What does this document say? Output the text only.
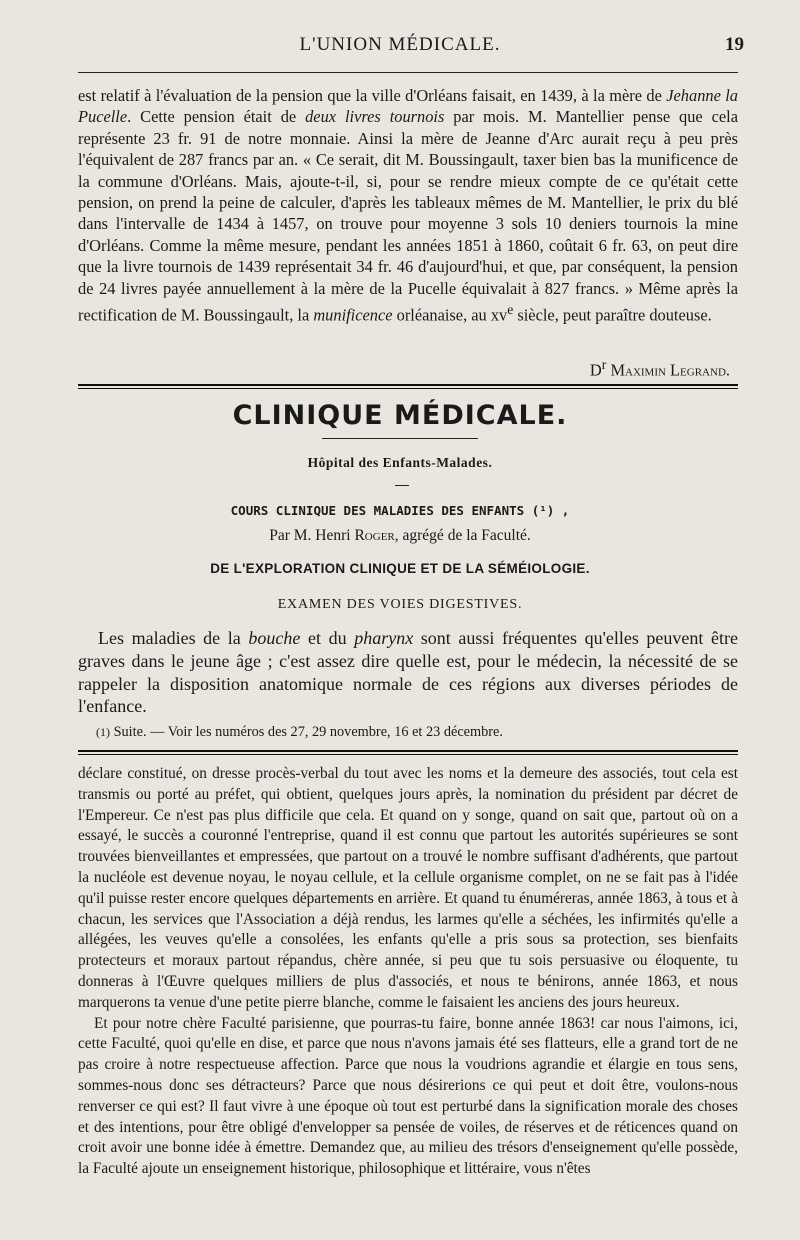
L'UNION MÉDICALE.	19

est relatif à l'évaluation de la pension que la ville d'Orléans faisait, en 1439, à la mère de Jehanne la Pucelle. Cette pension était de deux livres tournois par mois. M. Mantellier pense que cela représente 23 fr. 91 de notre monnaie. Ainsi la mère de Jeanne d'Arc aurait reçu à peu près l'équivalent de 287 francs par an. « Ce serait, dit M. Boussingault, taxer bien bas la munificence de la commune d'Orléans. Mais, ajoute-t-il, si, pour se rendre mieux compte de ce qu'était cette pension, on prend la peine de calculer, d'après les tableaux mêmes de M. Mantellier, le prix du blé dans l'intervalle de 1434 à 1457, on trouve pour moyenne 3 sols 10 deniers tournois la mine d'Orléans. Comme la même mesure, pendant les années 1851 à 1860, coûtait 6 fr. 63, on peut dire que la livre tournois de 1439 représentait 34 fr. 46 d'aujourd'hui, et que, par conséquent, la pension de 24 livres payée annuellement à la mère de la Pucelle équivalait à 827 francs. » Même après la rectification de M. Boussingault, la munificence orléanaise, au $xv^e$ siècle, peut paraître douteuse.

$D^r$ Maximin Legrand.
CLINIQUE MÉDICALE.
Hôpital des Enfants-Malades.
COURS CLINIQUE DES MALADIES DES ENFANTS (¹) ,
Par M. Henri Roger, agrégé de la Faculté.
DE L'EXPLORATION CLINIQUE ET DE LA SÉMÉIOLOGIE.
EXAMEN DES VOIES DIGESTIVES.

Les maladies de la bouche et du pharynx sont aussi fréquentes qu'elles peuvent être graves dans le jeune âge ; c'est assez dire quelle est, pour le médecin, la nécessité de se rappeler la disposition anatomique normale de ces régions aux diverses périodes de l'enfance.

(1) Suite. — Voir les numéros des 27, 29 novembre, 16 et 23 décembre.

déclare constitué, on dresse procès-verbal du tout avec les noms et la demeure des associés, tout cela est transmis ou porté au préfet, qui obtient, quelques jours après, la nomination du président par décret de l'Empereur. Ce n'est pas plus difficile que cela. Et quand on y songe, quand on sait que, partout où on a essayé, le succès a couronné l'entreprise, quand il est connu que partout les autorités supérieures se sont trouvées bienveillantes et empressées, que partout on a trouvé le nombre suffisant d'adhérents, que partout la nucléole est devenue noyau, le noyau cellule, et la cellule organisme complet, on ne se fait pas à l'idée qu'il puisse rester encore quelques départements en arrière. Et quand tu énuméreras, année 1863, à tous et à chacun, les services que l'Association a déjà rendus, les larmes qu'elle a séchées, les infirmités qu'elle a allégées, les veuves qu'elle a consolées, les enfants qu'elle a pris sous sa protection, ses bienfaits protecteurs et moraux partout répandus, chère année, si peu que tu sois persuasive ou éloquente, tu donneras à l'Œuvre quelques milliers de plus d'associés, et nous te bénirons, année 1863, et nous marquerons ta venue d'une petite pierre blanche, comme le faisaient les anciens des jours heureux.

Et pour notre chère Faculté parisienne, que pourras-tu faire, bonne année 1863! car nous l'aimons, ici, cette Faculté, quoi qu'elle en dise, et parce que nous n'avons jamais été ses flatteurs, elle a grand tort de ne pas croire à notre respectueuse affection. Parce que nous la voudrions agrandie et élargie en tous sens, sommes-nous donc ses détracteurs? Parce que nous désirerions ce qui peut et doit être, voulons-nous renverser ce qui est? Il faut vivre à une époque où tout est perturbé dans la signification morale des choses et des intentions, pour être obligé d'envelopper sa pensée de voiles, de réserves et de réticences quand on croit avoir une bonne idée à émettre. Demandez que, au milieu des trésors d'enseignement qu'elle possède, la Faculté ajoute un enseignement historique, philosophique et littéraire, vous n'êtes
